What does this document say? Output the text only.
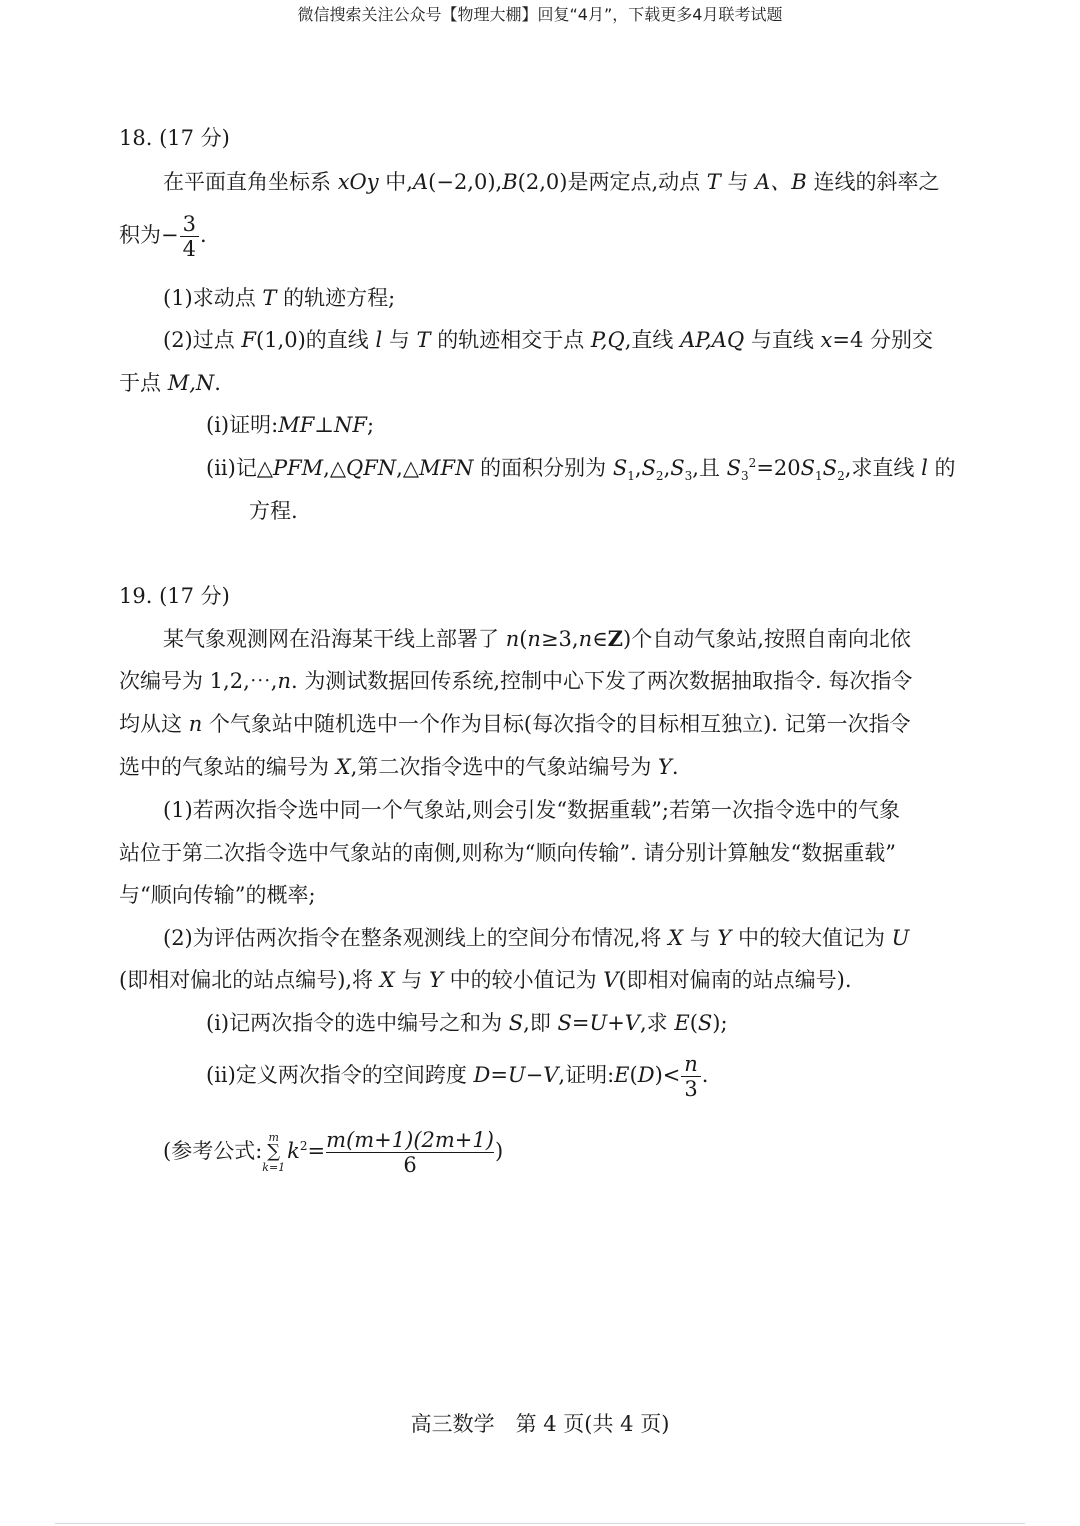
微信搜索关注公众号【物理大棚】回复“4月”，下载更多4月联考试题
18. (17 分)
在平面直角坐标系 xOy 中,A(−2,0),B(2,0)是两定点,动点 T 与 A、B 连线的斜率之
积为− $\frac{3}{4}$ .
(1)求动点 T 的轨迹方程;
(2)过点 F(1,0)的直线 l 与 T 的轨迹相交于点 P,Q,直线 AP,AQ 与直线 x=4 分别交
于点 M,N.
(i)证明:MF⊥NF;
(ii)记△PFM,△QFN,△MFN 的面积分别为 $S_1,S_2,S_3$,且 $S_3^2=20S_1S_2$,求直线 l 的
方程.
19. (17 分)
某气象观测网在沿海某干线上部署了 n(n≥3,n∈Z)个自动气象站,按照自南向北依
次编号为 1,2,⋯,n. 为测试数据回传系统,控制中心下发了两次数据抽取指令. 每次指令
均从这 n 个气象站中随机选中一个作为目标(每次指令的目标相互独立). 记第一次指令
选中的气象站的编号为 X,第二次指令选中的气象站编号为 Y.
(1)若两次指令选中同一个气象站,则会引发“数据重载”;若第一次指令选中的气象
站位于第二次指令选中气象站的南侧,则称为“顺向传输”. 请分别计算触发“数据重载”
与“顺向传输”的概率;
(2)为评估两次指令在整条观测线上的空间分布情况,将 X 与 Y 中的较大值记为 U
(即相对偏北的站点编号),将 X 与 Y 中的较小值记为 V(即相对偏南的站点编号).
(i)记两次指令的选中编号之和为 S,即 S=U+V,求 E(S);
(ii)定义两次指令的空间跨度 D=U−V,证明:E(D)< $\frac{n}{3}$ .
(参考公式:
m
∑
k=1
$k^2= \frac{m(m+1)(2m+1)}{6}$ )
高三数学　第 4 页(共 4 页)
